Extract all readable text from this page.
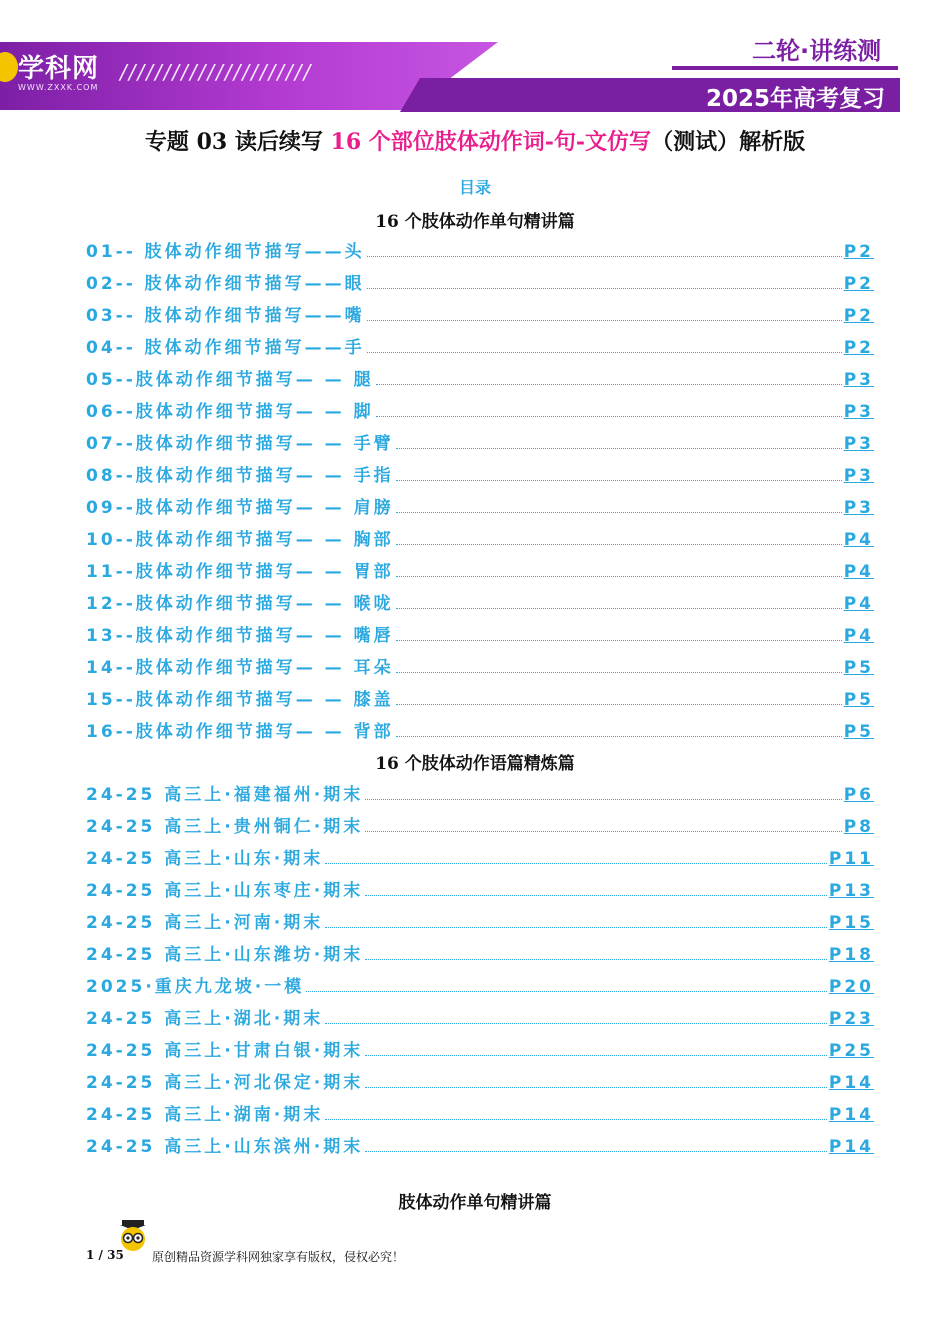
学科网
WWW.ZXXK.COM
//////////////////////
二轮·讲练测
2025年高考复习
专题 03 读后续写 16 个部位肢体动作词-句-文仿写（测试）解析版
目录
16 个肢体动作单句精讲篇
01-- 肢体动作细节描写——头	P2
02-- 肢体动作细节描写——眼	P2
03-- 肢体动作细节描写——嘴	P2
04-- 肢体动作细节描写——手	P2
05--肢体动作细节描写— — 腿	P3
06--肢体动作细节描写— — 脚	P3
07--肢体动作细节描写— — 手臂	P3
08--肢体动作细节描写— — 手指	P3
09--肢体动作细节描写— — 肩膀	P3
10--肢体动作细节描写— — 胸部	P4
11--肢体动作细节描写— — 胃部	P4
12--肢体动作细节描写— — 喉咙	P4
13--肢体动作细节描写— — 嘴唇	P4
14--肢体动作细节描写— — 耳朵	P5
15--肢体动作细节描写— — 膝盖	P5
16--肢体动作细节描写— — 背部	P5
16 个肢体动作语篇精炼篇
24-25 高三上·福建福州·期末	P6
24-25 高三上·贵州铜仁·期末	P8
24-25 高三上·山东·期末	P11
24-25 高三上·山东枣庄·期末	P13
24-25 高三上·河南·期末	P15
24-25 高三上·山东潍坊·期末	P18
2025·重庆九龙坡·一模	P20
24-25 高三上·湖北·期末	P23
24-25 高三上·甘肃白银·期末	P25
24-25 高三上·河北保定·期末	P14
24-25 高三上·湖南·期末	P14
24-25 高三上·山东滨州·期末	P14
肢体动作单句精讲篇
1 / 35 原创精品资源学科网独家享有版权，侵权必究！
